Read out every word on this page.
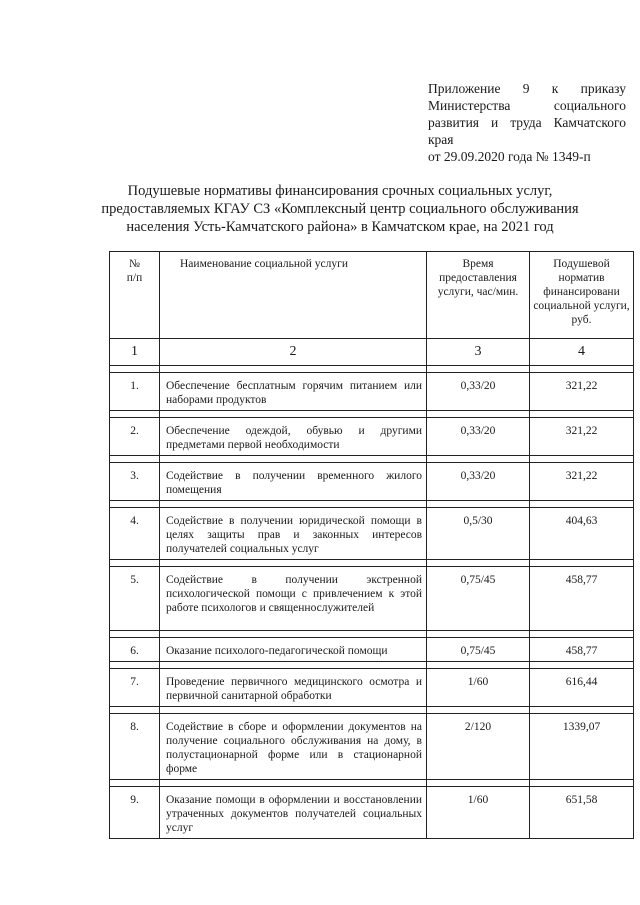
Приложение 9 к приказу
Министерства социального
развития и труда Камчатского
края
от 29.09.2020 года № 1349-п
Подушевые нормативы финансирования срочных социальных услуг,
предоставляемых КГАУ СЗ «Комплексный центр социального обслуживания
населения Усть-Камчатского района» в Камчатском крае, на 2021 год
№ п/п	Наименование социальной услуги	Время предоставления услуги, час/мин.	Подушевой норматив финансировани социальной услуги, руб.
1	2	3	4

1.	Обеспечение бесплатным горячим питанием или наборами продуктов	0,33/20	321,22

2.	Обеспечение одеждой, обувью и другими предметами первой необходимости	0,33/20	321,22

3.	Содействие в получении временного жилого помещения	0,33/20	321,22

4.	Содействие в получении юридической помощи в целях защиты прав и законных интересов получателей социальных услуг	0,5/30	404,63

5.	Содействие в получении экстренной психологической помощи с привлечением к этой работе психологов и священнослужителей	0,75/45	458,77

6.	Оказание психолого-педагогической помощи	0,75/45	458,77

7.	Проведение первичного медицинского осмотра и первичной санитарной обработки	1/60	616,44

8.	Содействие в сборе и оформлении документов на получение социального обслуживания на дому, в полустационарной форме или в стационарной форме	2/120	1339,07

9.	Оказание помощи в оформлении и восстановлении утраченных документов получателей социальных услуг	1/60	651,58
